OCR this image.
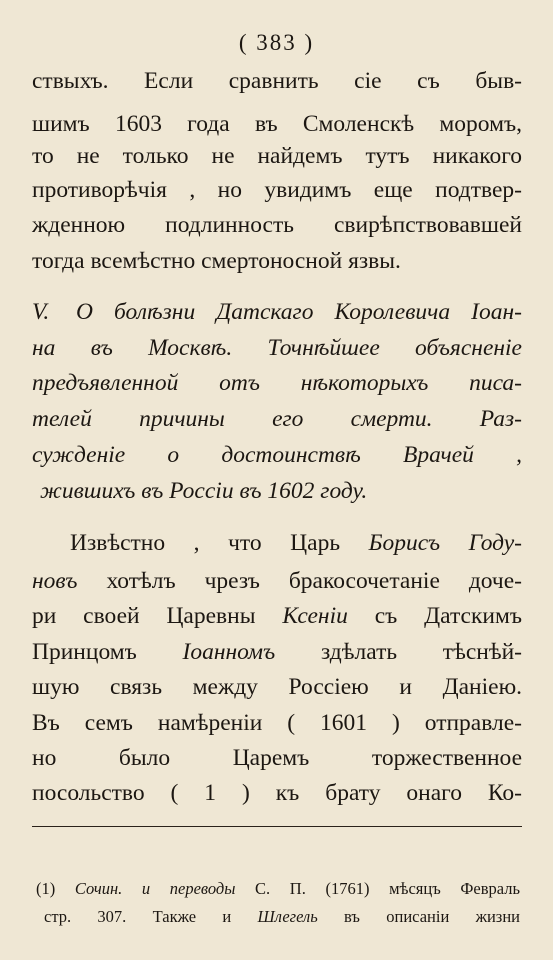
( 383 )
ствыхъ. Если сравнить сiе съ быв-
шимъ 1603 года въ Смоленскѣ моромъ,
то не только не найдемъ тутъ никакого
противорѣчiя , но увидимъ еще подтвер-
жденною подлинность свирѣпствовавшей
тогда всемѣстно смертоносной язвы.
V.	О болѣзни Датскаго Королевича Iоан-
на въ Москвѣ. Точнѣйшее объясненiе
предъявленной отъ нѣкоторыхъ писа-
телей причины его смерти. Раз-
сужденiе о достоинствѣ Врачей ,
жившихъ въ Россiи въ 1602 году.
Извѣстно , что Царь Борисъ Году-
новъ хотѣлъ чрезъ бракосочетанiе доче-
ри своей Царевны Ксенiи съ Датскимъ
Принцомъ Iоанномъ здѣлать тѣснѣй-
шую связь между Россiею и Данiею.
Въ семъ намѣренiи ( 1601 ) отправле-
но было Царемъ торжественное
посольство ( 1 ) къ брату онаго Ко-
(1) Сочин. и переводы С. П. (1761) мѣсяцъ Февраль
стр. 307. Также и Шлегель въ описанiи жизни
